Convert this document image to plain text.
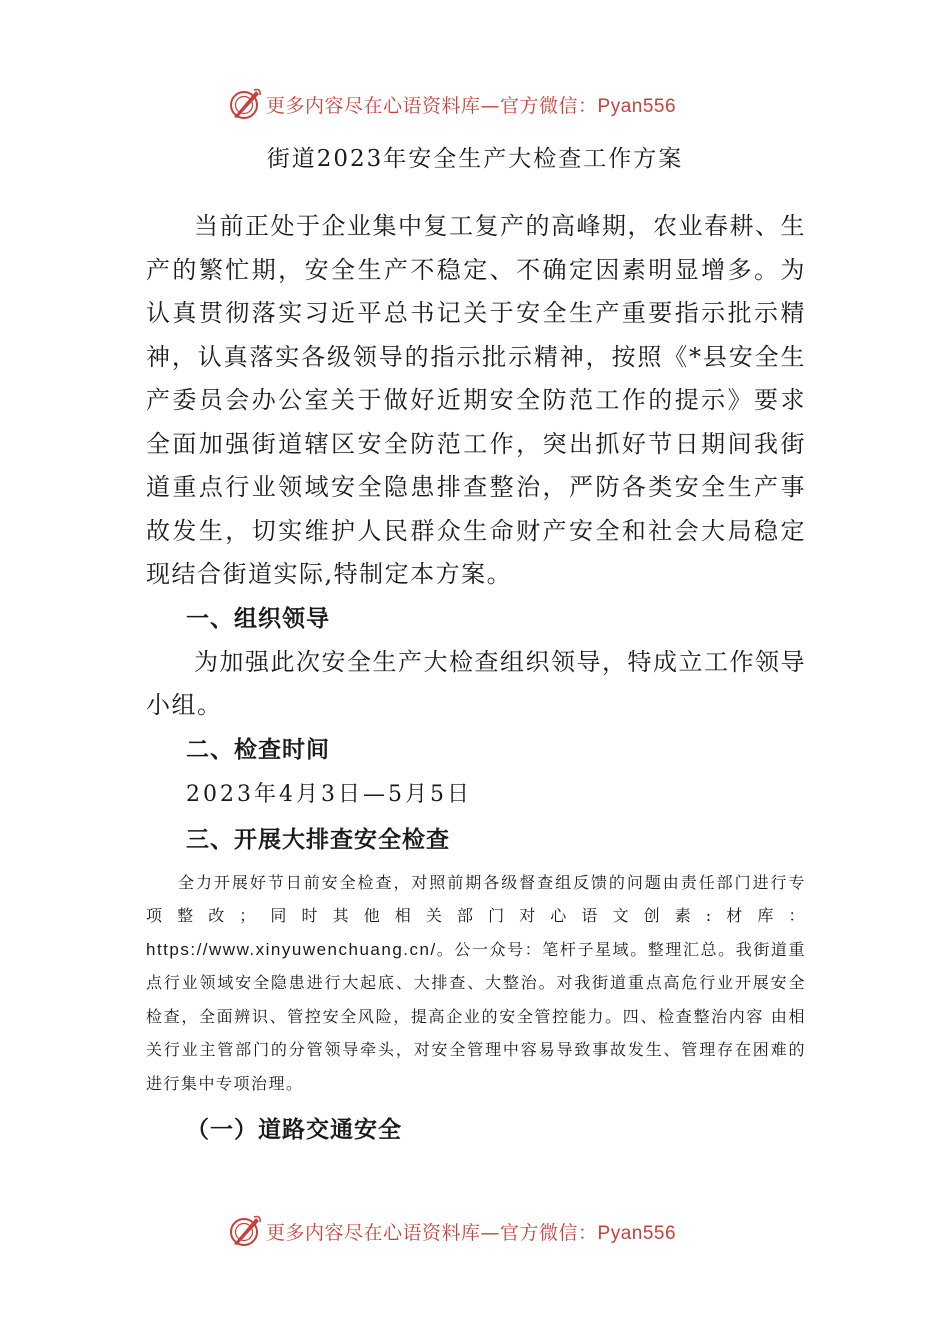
更多内容尽在心语资料库—官方微信：Pyan556
街道2023年安全生产大检查工作方案

当前正处于企业集中复工复产的高峰期，农业春耕、生产的繁忙期，安全生产不稳定、不确定因素明显增多。为认真贯彻落实习近平总书记关于安全生产重要指示批示精神，认真落实各级领导的指示批示精神，按照《*县安全生产委员会办公室关于做好近期安全防范工作的提示》要求全面加强街道辖区安全防范工作，突出抓好节日期间我街道重点行业领域安全隐患排查整治，严防各类安全生产事故发生，切实维护人民群众生命财产安全和社会大局稳定现结合街道实际,特制定本方案。

一、组织领导

为加强此次安全生产大检查组织领导，特成立工作领导小组。

二、检查时间

2023年4月3日—5月5日

三、开展大排查安全检查

全力开展好节日前安全检查，对照前期各级督查组反馈的问题由责任部门进行专项整改；同时其他相关部门对心语文创素:材库：https://www.xinyuwenchuang.cn/。公一众号：笔杆子星域。整理汇总。我街道重点行业领域安全隐患进行大起底、大排查、大整治。对我街道重点高危行业开展安全检查，全面辨识、管控安全风险，提高企业的安全管控能力。四、检查整治内容 由相关行业主管部门的分管领导牵头，对安全管理中容易导致事故发生、管理存在困难的进行集中专项治理。

（一）道路交通安全

更多内容尽在心语资料库—官方微信：Pyan556
